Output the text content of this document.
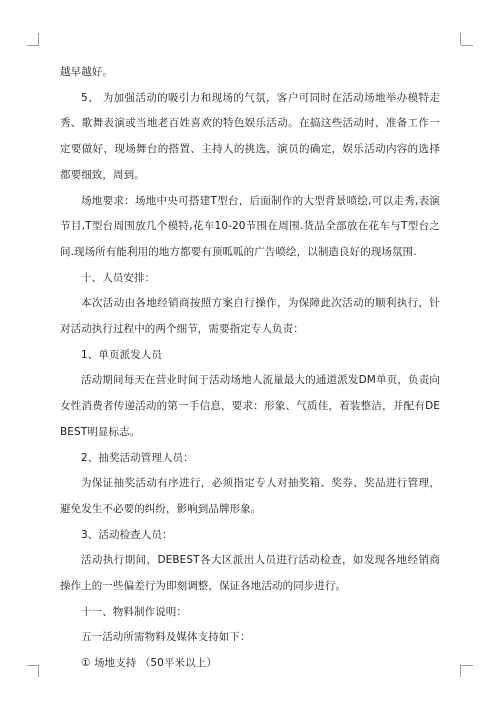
越早越好。

5、 为加强活动的吸引力和现场的气氛，客户可同时在活动场地举办模特走秀、歌舞表演或当地老百姓喜欢的特色娱乐活动。在搞这些活动时，准备工作一定要做好，现场舞台的搭置、主持人的挑选，演员的确定，娱乐活动内容的选择都要细致，周到。

场地要求：场地中央可搭建T型台，后面制作的大型背景喷绘,可以走秀,表演节目,T型台周围放几个模特,花车10-20节围在周围.货品全部放在花车与T型台之间.现场所有能利用的地方都要有顶呱呱的广告喷绘，以制造良好的现场氛围.

十、人员安排：

本次活动由各地经销商按照方案自行操作，为保障此次活动的顺利执行，针对活动执行过程中的两个细节，需要指定专人负责：

1、单页派发人员

活动期间每天在营业时间于活动场地人流量最大的通道派发DM单页，负责向女性消费者传递活动的第一手信息，要求：形象、气质佳，着装整洁，并配有DEBEST明显标志。

2、抽奖活动管理人员：

为保证抽奖活动有序进行，必须指定专人对抽奖箱、奖券、奖品进行管理，避免发生不必要的纠纷，影响到品牌形象。

3、活动检查人员：

活动执行期间，DEBEST各大区派出人员进行活动检查，如发现各地经销商操作上的一些偏差行为即刻调整，保证各地活动的同步进行。

十一、物料制作说明：

五一活动所需物料及媒体支持如下：

① 场地支持 （50平米以上）
